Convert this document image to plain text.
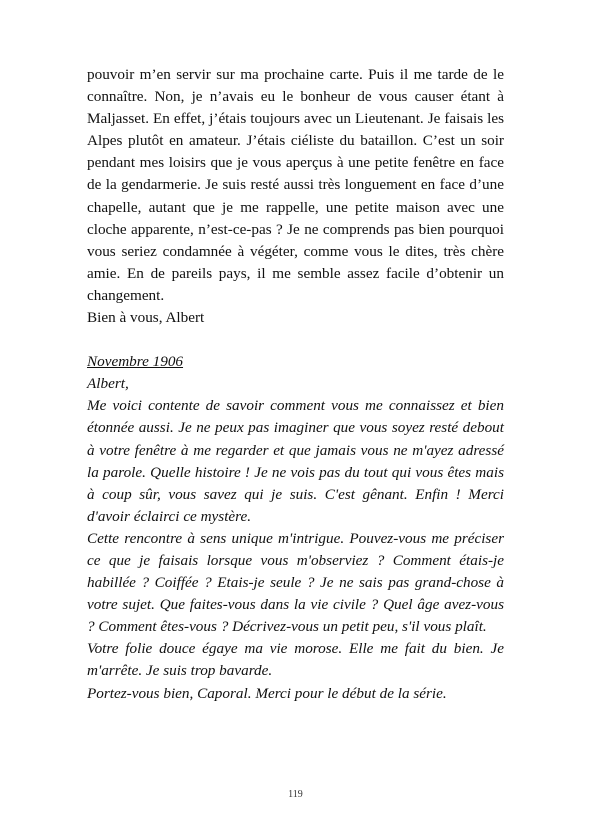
pouvoir m’en servir sur ma prochaine carte. Puis il me tarde de le connaître. Non, je n’avais eu le bonheur de vous causer étant à Maljasset. En effet, j’étais toujours avec un Lieutenant. Je faisais les Alpes plutôt en amateur. J’étais ciéliste du bataillon. C’est un soir pendant mes loisirs que je vous aperçus à une petite fenêtre en face de la gendarmerie. Je suis resté aussi très longuement en face d’une chapelle, autant que je me rappelle, une petite maison avec une cloche apparente, n’est-ce-pas ? Je ne comprends pas bien pourquoi vous seriez condamnée à végéter, comme vous le dites, très chère amie. En de pareils pays, il me semble assez facile d’obtenir un changement.

Bien à vous, Albert

Novembre 1906

Albert,

Me voici contente de savoir comment vous me connaissez et bien étonnée aussi. Je ne peux pas imaginer que vous soyez resté debout à votre fenêtre à me regarder et que jamais vous ne m'ayez adressé la parole. Quelle histoire ! Je ne vois pas du tout qui vous êtes mais à coup sûr, vous savez qui je suis. C'est gênant. Enfin ! Merci d'avoir éclairci ce mystère.

Cette rencontre à sens unique m'intrigue. Pouvez-vous me préciser ce que je faisais lorsque vous m'observiez ? Comment étais-je habillée ? Coiffée ? Etais-je seule ? Je ne sais pas grand-chose à votre sujet. Que faites-vous dans la vie civile ? Quel âge avez-vous ? Comment êtes-vous ? Décrivez-vous un petit peu, s'il vous plaît.

Votre folie douce égaye ma vie morose. Elle me fait du bien. Je m'arrête. Je suis trop bavarde.

Portez-vous bien, Caporal. Merci pour le début de la série.

119
